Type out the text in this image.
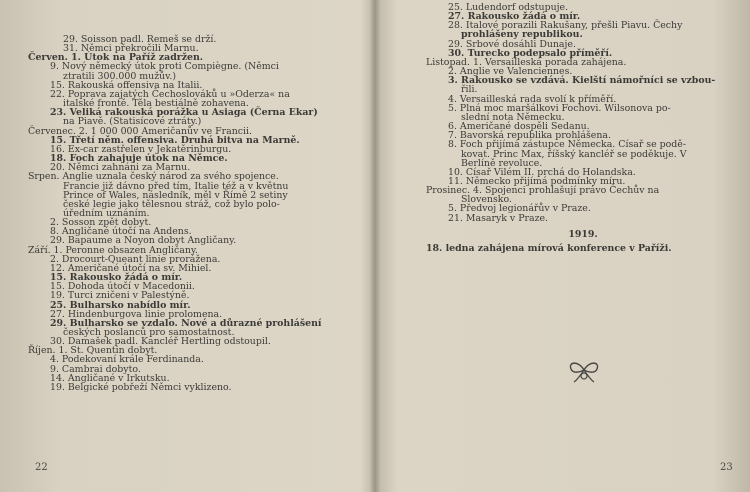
29. Soisson padl. Remeš se drží.
31. Němci překročili Marnu.
Červen. 1. Útok na Paříž zadržen.
9. Nový německý útok proti Compiègne. (Němci
ztratili 300.000 mužův.)
15. Rakouská offensiva na Italii.
22. Poprava zajatých Čechoslováků u »Oderza« na
italské frontě. Těla bestiálně zohavena.
23. Veliká rakouská porážka u Asiaga (Černa Ekar)
na Piavě. (Statisícové ztráty.)
Červenec. 2. 1 000 000 Američanův ve Francii.
15. Třetí něm. offensiva. Druhá bitva na Marně.
16. Ex-car zastřelen v Jekatěrinburgu.
18. Foch zahajuje útok na Němce.
20. Němci zahnáni za Marnu.
Srpen. Anglie uznala český národ za svého spojence.
Francie již dávno před tím, Italie též a v květnu
Prince of Wales, následník, měl v Římě 2 setiny
české legie jako tělesnou stráž, což bylo polo-
úředním uznáním.
2. Sosson zpět dobyt.
8. Angličané útočí na Andens.
29. Bapaume a Noyon dobyt Angličany.
Září. 1. Peronne obsazen Angličany.
2. Drocourt-Queant linie prorážena.
12. Američané útočí na sv. Mihiel.
15. Rakousko žádá o mír.
15. Dohoda útočí v Macedonii.
19. Turci zničeni v Palestýně.
25. Bulharsko nabídlo mír.
27. Hindenburgova linie prolomena.
29. Bulharsko se vzdalo. Nové a důrazné prohlášení
českých poslanců pro samostatnost.
30. Damašek padl. Kancléř Hertling odstoupil.
Říjen. 1. St. Quentin dobyt.
4. Podekovaní krále Ferdinanda.
9. Cambrai dobyto.
14. Angličané v Irkutsku.
19. Belgické pobřeží Němci vyklizeno.
25. Ludendorf odstupuje.
27. Rakousko žádá o mír.
28. Italové porazili Rakušany, přešli Piavu. Čechy
prohlášeny republikou.
29. Srbové dosáhli Dunaje.
30. Turecko podepsalo příměří.
Listopad. 1. Versailleská porada zahájena.
2. Anglie ve Valenciennes.
3. Rakousko se vzdává. Kielští námořníci se vzbou-
řili.
4. Versailleská rada svolí k příměří.
5. Plná moc maršálkovi Fochovi. Wilsonova po-
slední nota Německu.
6. Američané dospěli Sedanu.
7. Bavorská republika prohlášena.
8. Foch přijímá zástupce Německa. Císař se podě-
kovat. Princ Max, říšský kancléř se poděkuje. V
Berlíně revoluce.
10. Císař Vilém II. prchá do Holandska.
11. Německo přijímá podmínky míru.
Prosinec. 4. Spojenci prohlašují právo Čechův na
Slovensko.
5. Předvoj legionářův v Praze.
21. Masaryk v Praze.
1919.
18. ledna zahájena mírová konference v Paříži.
22	23
